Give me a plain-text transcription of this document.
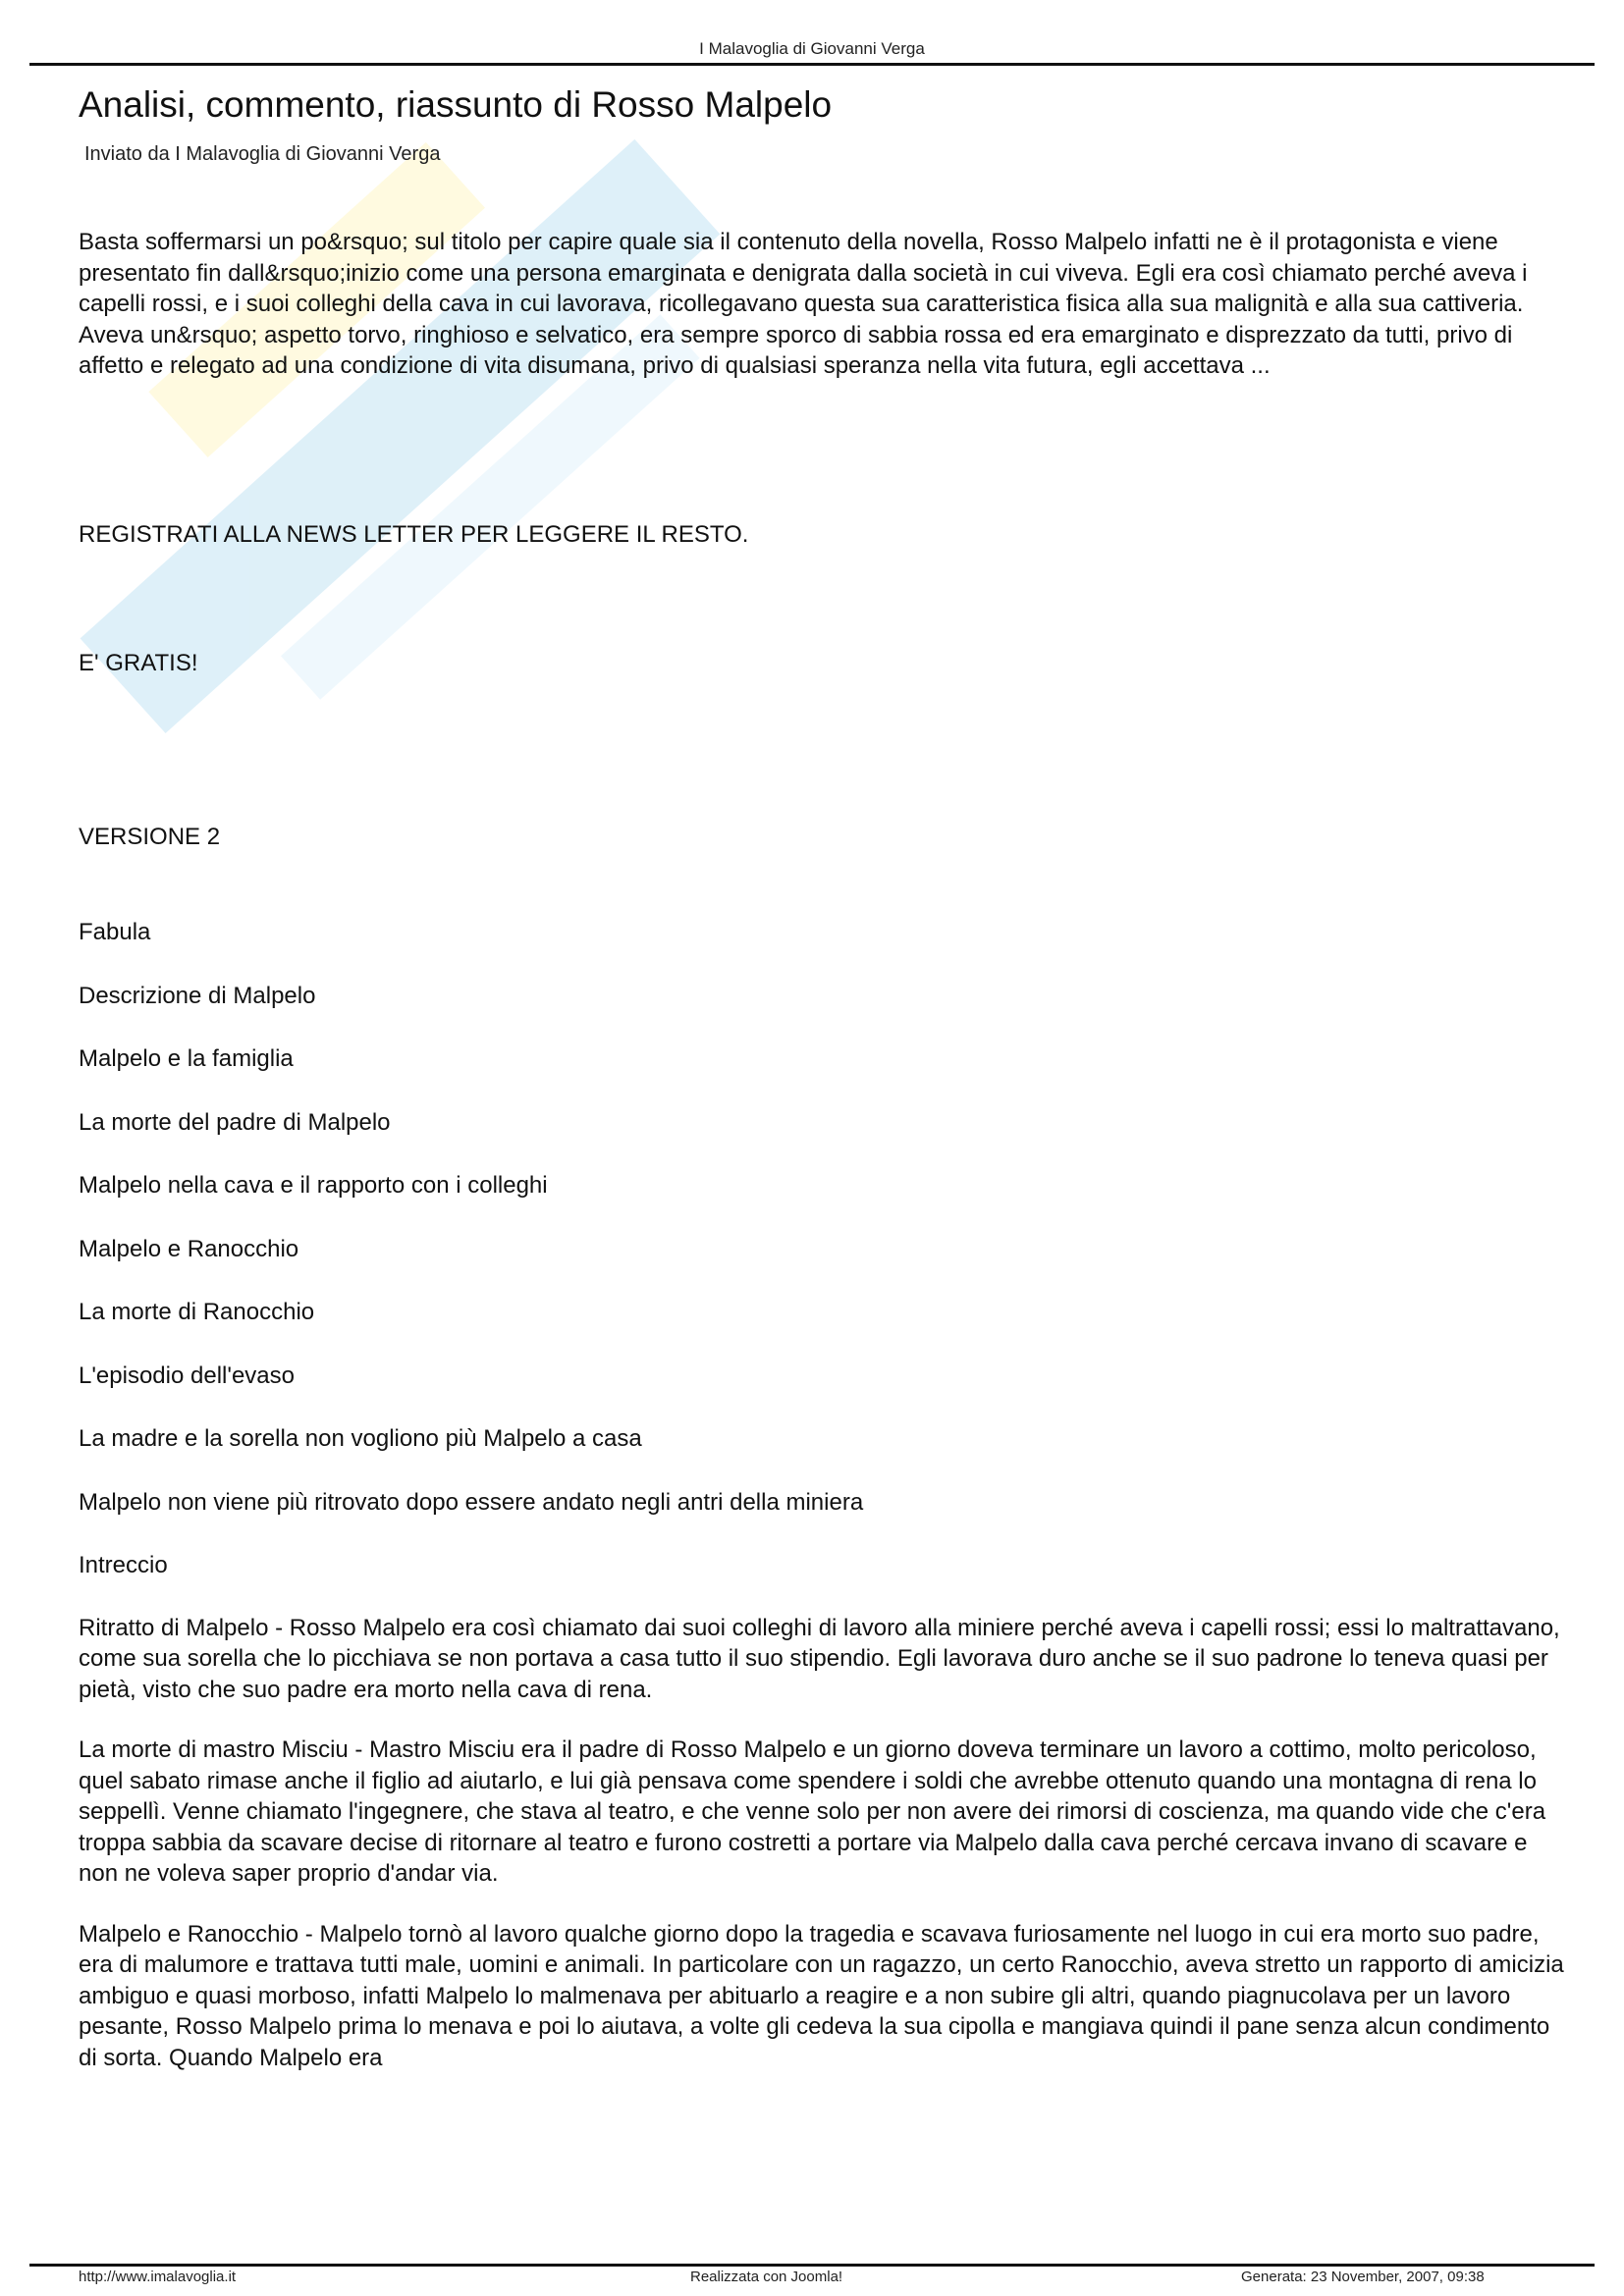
I Malavoglia di Giovanni Verga
Analisi, commento, riassunto di Rosso Malpelo
Inviato da I Malavoglia di Giovanni Verga

Basta soffermarsi un po&rsquo; sul titolo per capire quale sia il contenuto della novella, Rosso Malpelo infatti ne è il protagonista e viene presentato fin dall&rsquo;inizio come una persona emarginata e denigrata dalla società in cui viveva. Egli era così chiamato perché aveva i capelli rossi, e i suoi colleghi della cava in cui lavorava, ricollegavano questa sua caratteristica fisica alla sua malignità e alla sua cattiveria. Aveva un&rsquo; aspetto torvo, ringhioso e selvatico, era sempre sporco di sabbia rossa ed era emarginato e disprezzato da tutti, privo di affetto e relegato ad una condizione di vita disumana, privo di qualsiasi speranza nella vita futura, egli accettava ...

REGISTRATI ALLA NEWS LETTER PER LEGGERE IL RESTO.
E' GRATIS!
VERSIONE 2
Fabula
Descrizione di Malpelo
Malpelo e la famiglia
La morte del padre di Malpelo
Malpelo nella cava e il rapporto con i colleghi
Malpelo e Ranocchio
La morte di Ranocchio
L'episodio dell'evaso
La madre e la sorella non vogliono più Malpelo a casa
Malpelo non viene più ritrovato dopo essere andato negli antri della miniera
Intreccio

Ritratto di Malpelo - Rosso Malpelo era così chiamato dai suoi colleghi di lavoro alla miniere perché aveva i capelli rossi; essi lo maltrattavano, come sua sorella che lo picchiava se non portava a casa tutto il suo stipendio. Egli lavorava duro anche se il suo padrone lo teneva quasi per pietà, visto che suo padre era morto nella cava di rena.

La morte di mastro Misciu - Mastro Misciu era il padre di Rosso Malpelo e un giorno doveva terminare un lavoro a cottimo, molto pericoloso, quel sabato rimase anche il figlio ad aiutarlo, e lui già pensava come spendere i soldi che avrebbe ottenuto quando una montagna di rena lo seppellì. Venne chiamato l'ingegnere, che stava al teatro, e che venne solo per non avere dei rimorsi di coscienza, ma quando vide che c'era troppa sabbia da scavare decise di ritornare al teatro e furono costretti a portare via Malpelo dalla cava perché cercava invano di scavare e non ne voleva saper proprio d'andar via.

Malpelo e Ranocchio - Malpelo tornò al lavoro qualche giorno dopo la tragedia e scavava furiosamente nel luogo in cui era morto suo padre, era di malumore e trattava tutti male, uomini e animali. In particolare con un ragazzo, un certo Ranocchio, aveva stretto un rapporto di amicizia ambiguo e quasi morboso, infatti Malpelo lo malmenava per abituarlo a reagire e a non subire gli altri, quando piagnucolava per un lavoro pesante, Rosso Malpelo prima lo menava e poi lo aiutava, a volte gli cedeva la sua cipolla e mangiava quindi il pane senza alcun condimento di sorta. Quando Malpelo era

http://www.imalavoglia.it	Realizzata con Joomla!	Generata: 23 November, 2007, 09:38
